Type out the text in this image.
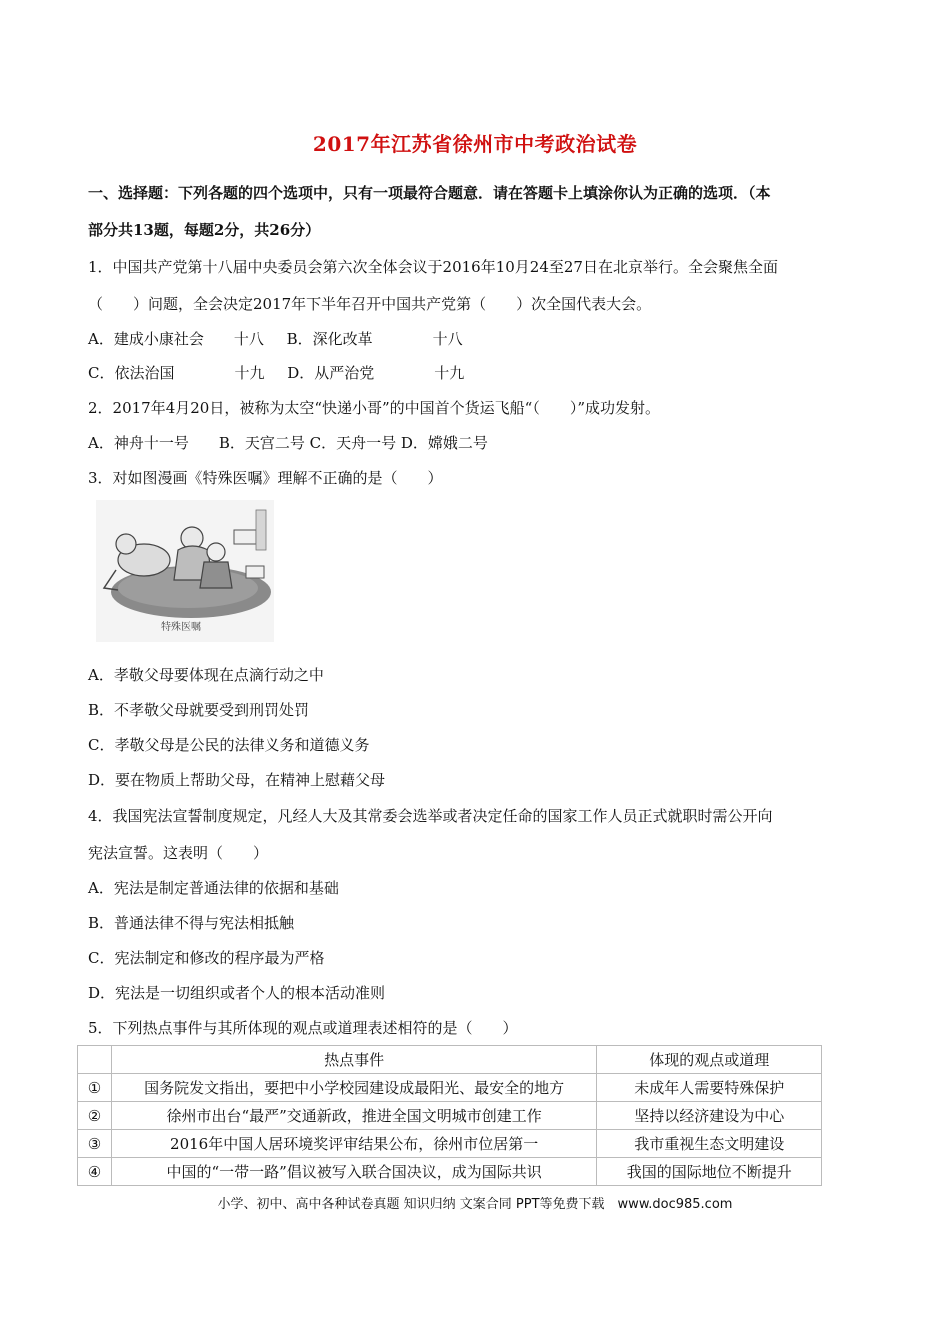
2017年江苏省徐州市中考政治试卷
一、选择题：下列各题的四个选项中，只有一项最符合题意．请在答题卡上填涂你认为正确的选项．（本
部分共13题，每题2分，共26分）
1．中国共产党第十八届中央委员会第六次全体会议于2016年10月24至27日在北京举行。全会聚焦全面
（　　）问题，全会决定2017年下半年召开中国共产党第（　　）次全国代表大会。
A．建成小康社会　　十八 B．深化改革　　　　十八
C．依法治国　　　　十九 D．从严治党　　　　十九
2．2017年4月20日，被称为太空“快递小哥”的中国首个货运飞船“（　　）”成功发射。
A．神舟十一号　　B．天宫二号 C．天舟一号 D．嫦娥二号
3．对如图漫画《特殊医嘱》理解不正确的是（　　）
特殊医嘱
A．孝敬父母要体现在点滴行动之中
B．不孝敬父母就要受到刑罚处罚
C．孝敬父母是公民的法律义务和道德义务
D．要在物质上帮助父母，在精神上慰藉父母
4．我国宪法宣誓制度规定，凡经人大及其常委会选举或者决定任命的国家工作人员正式就职时需公开向
宪法宣誓。这表明（　　）
A．宪法是制定普通法律的依据和基础
B．普通法律不得与宪法相抵触
C．宪法制定和修改的程序最为严格
D．宪法是一切组织或者个人的根本活动准则
5．下列热点事件与其所体现的观点或道理表述相符的是（　　）
	热点事件	体现的观点或道理
①	国务院发文指出，要把中小学校园建设成最阳光、最安全的地方	未成年人需要特殊保护
②	徐州市出台“最严”交通新政，推进全国文明城市创建工作	坚持以经济建设为中心
③	2016年中国人居环境奖评审结果公布，徐州市位居第一	我市重视生态文明建设
④	中国的“一带一路”倡议被写入联合国决议，成为国际共识	我国的国际地位不断提升
小学、初中、高中各种试卷真题 知识归纳 文案合同 PPT等免费下载　www.doc985.com
